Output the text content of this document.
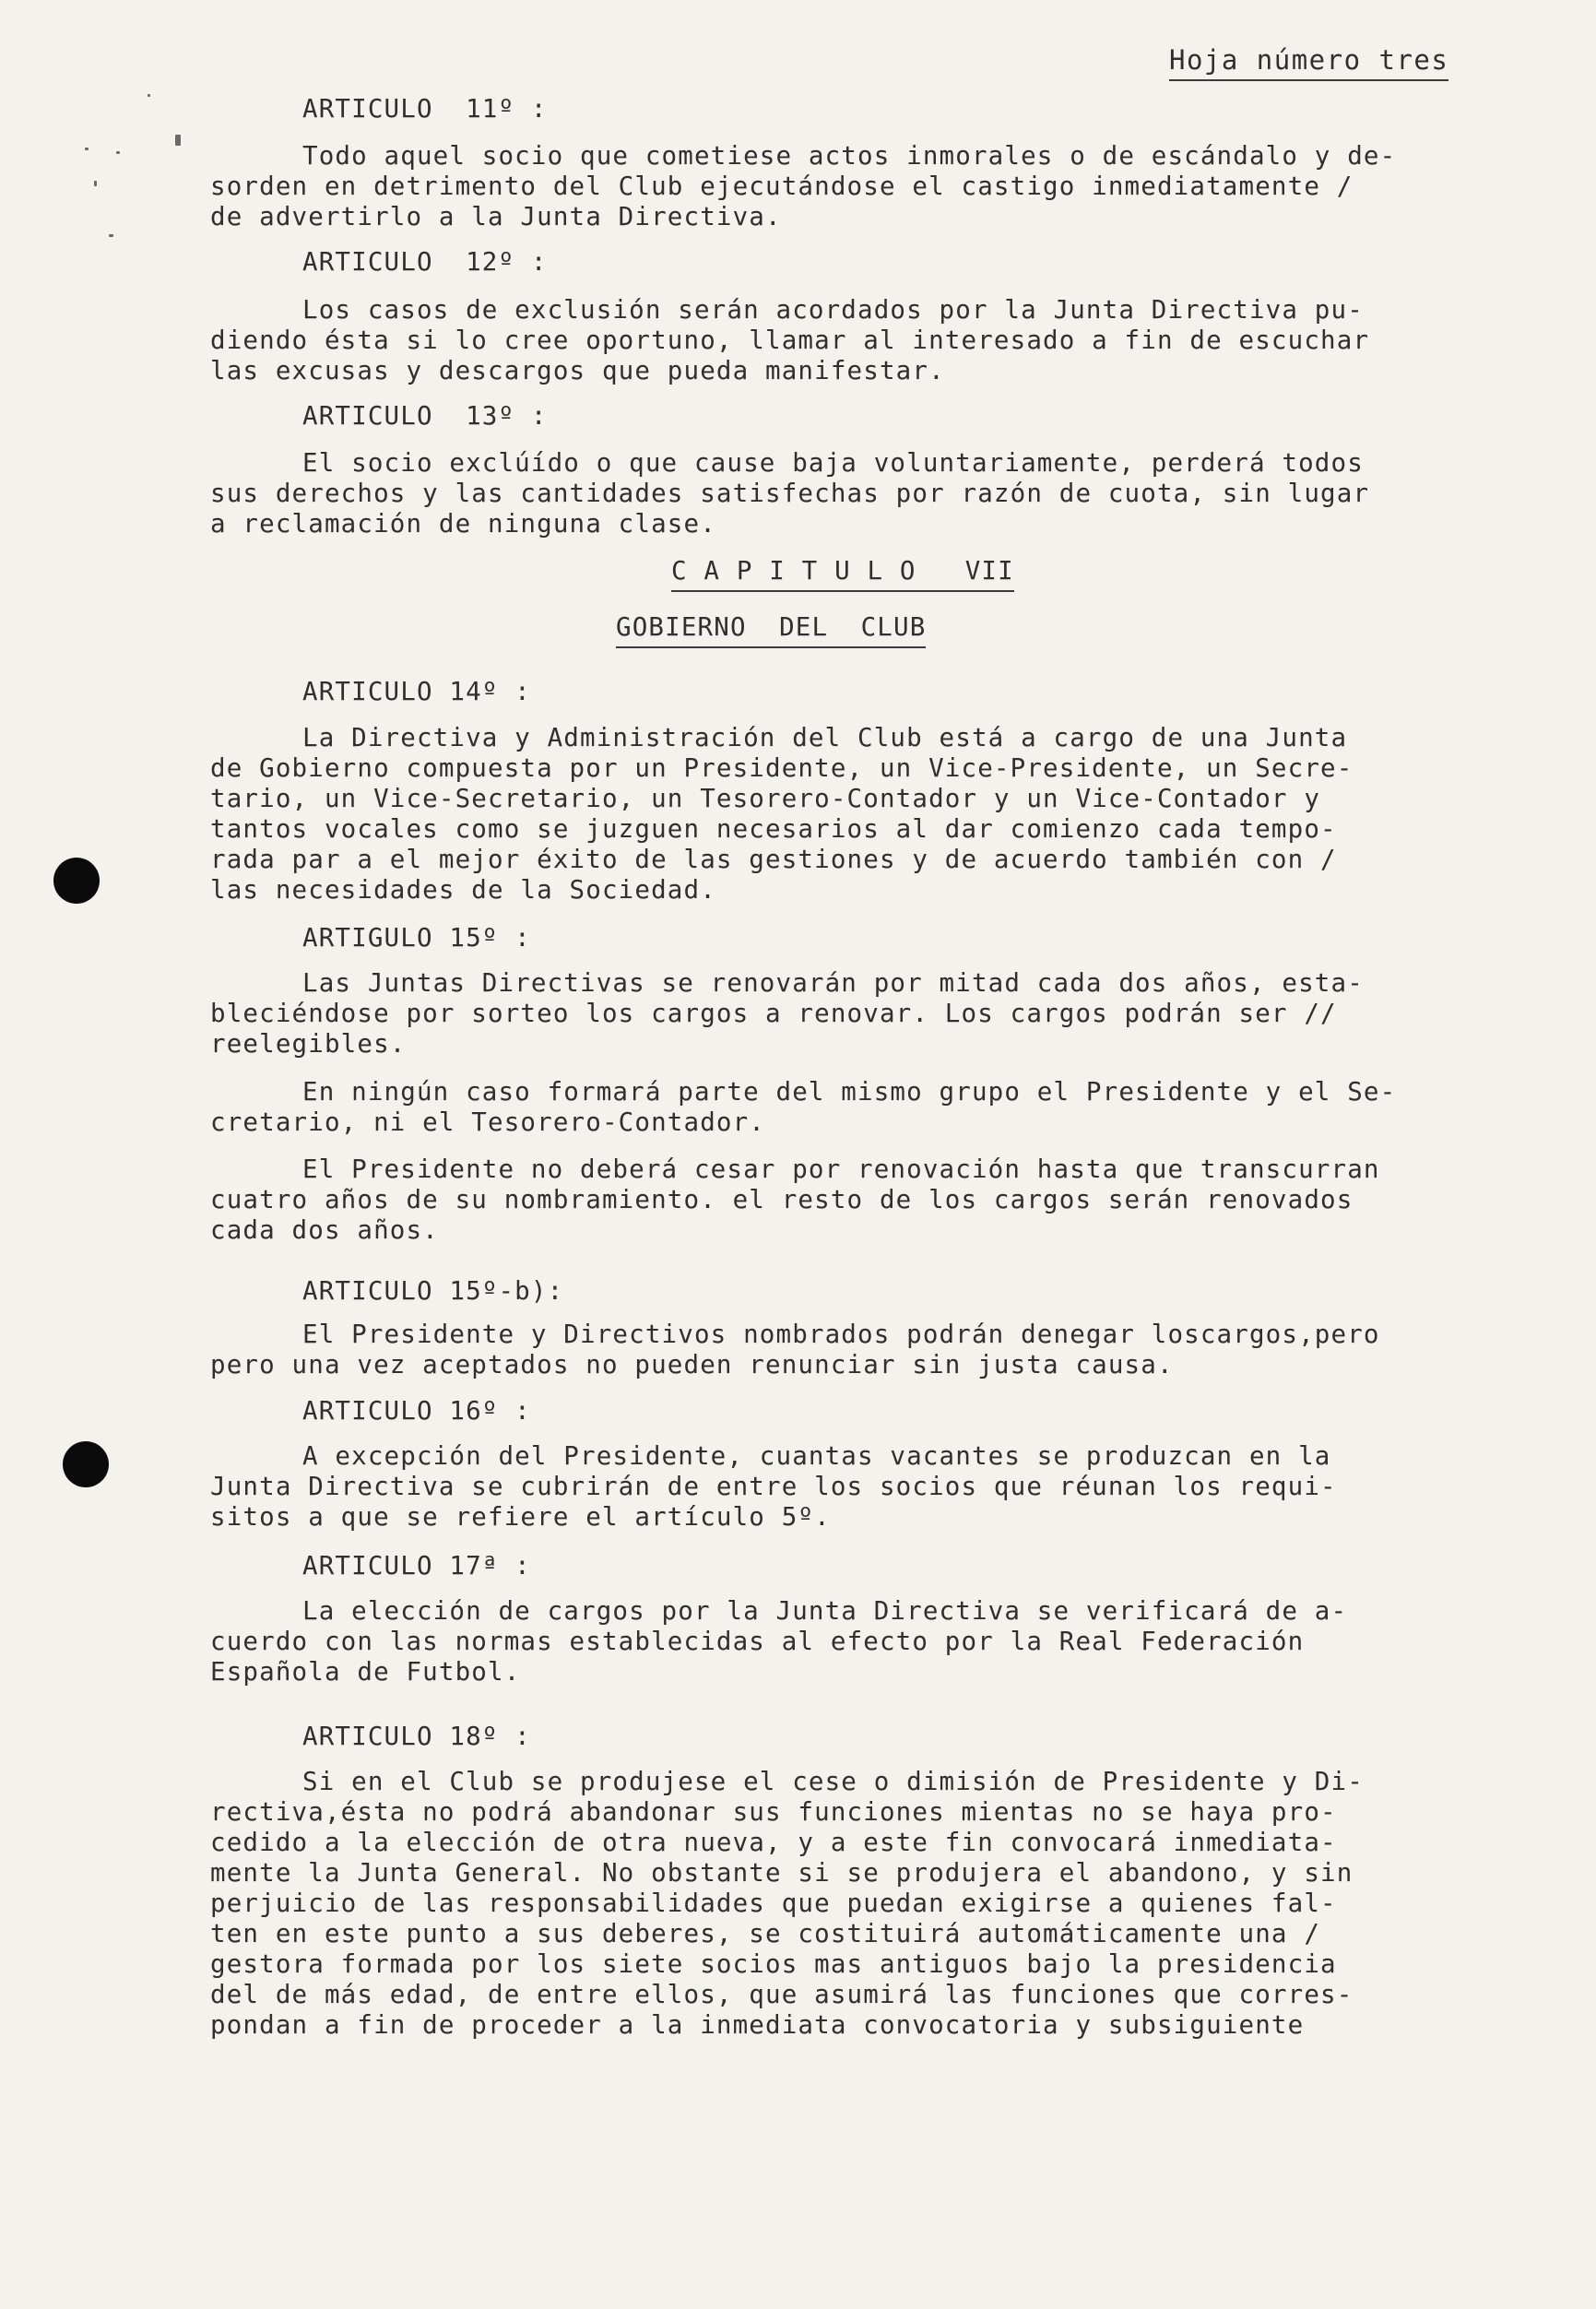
Hoja número tres
ARTICULO  11º :
Todo aquel socio que cometiese actos inmorales o de escándalo y de-
sorden en detrimento del Club ejecutándose el castigo inmediatamente /
de advertirlo a la Junta Directiva.
ARTICULO  12º :
Los casos de exclusión serán acordados por la Junta Directiva pu-
diendo ésta si lo cree oportuno, llamar al interesado a fin de escuchar
las excusas y descargos que pueda manifestar.
ARTICULO  13º :
El socio exclúído o que cause baja voluntariamente, perderá todos
sus derechos y las cantidades satisfechas por razón de cuota, sin lugar
a reclamación de ninguna clase.
C A P I T U L O   VII
GOBIERNO  DEL  CLUB
ARTICULO 14º :
La Directiva y Administración del Club está a cargo de una Junta
de Gobierno compuesta por un Presidente, un Vice-Presidente, un Secre-
tario, un Vice-Secretario, un Tesorero-Contador y un Vice-Contador y
tantos vocales como se juzguen necesarios al dar comienzo cada tempo-
rada par a el mejor éxito de las gestiones y de acuerdo también con /
las necesidades de la Sociedad.
ARTIGULO 15º :
Las Juntas Directivas se renovarán por mitad cada dos años, esta-
bleciéndose por sorteo los cargos a renovar. Los cargos podrán ser //
reelegibles.
En ningún caso formará parte del mismo grupo el Presidente y el Se-
cretario, ni el Tesorero-Contador.
El Presidente no deberá cesar por renovación hasta que transcurran
cuatro años de su nombramiento. el resto de los cargos serán renovados
cada dos años.
ARTICULO 15º-b):
El Presidente y Directivos nombrados podrán denegar loscargos,pero
pero una vez aceptados no pueden renunciar sin justa causa.
ARTICULO 16º :
A excepción del Presidente, cuantas vacantes se produzcan en la
Junta Directiva se cubrirán de entre los socios que réunan los requi-
sitos a que se refiere el artículo 5º.
ARTICULO 17ª :
La elección de cargos por la Junta Directiva se verificará de a-
cuerdo con las normas establecidas al efecto por la Real Federación
Española de Futbol.
ARTICULO 18º :
Si en el Club se produjese el cese o dimisión de Presidente y Di-
rectiva,ésta no podrá abandonar sus funciones mientas no se haya pro-
cedido a la elección de otra nueva, y a este fin convocará inmediata-
mente la Junta General. No obstante si se produjera el abandono, y sin
perjuicio de las responsabilidades que puedan exigirse a quienes fal-
ten en este punto a sus deberes, se costituirá automáticamente una /
gestora formada por los siete socios mas antiguos bajo la presidencia
del de más edad, de entre ellos, que asumirá las funciones que corres-
pondan a fin de proceder a la inmediata convocatoria y subsiguiente
